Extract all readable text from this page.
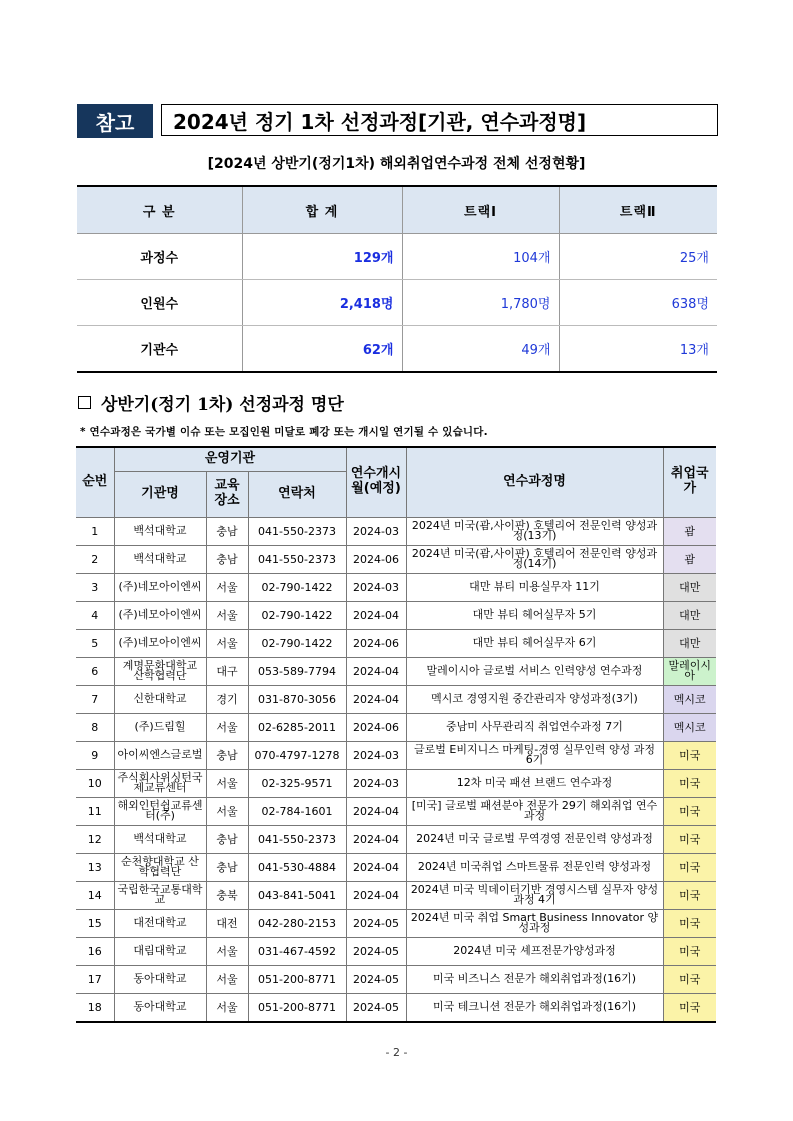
참고	2024년 정기 1차 선정과정[기관, 연수과정명]
[2024년 상반기(정기1차) 해외취업연수과정 전체 선정현황]
구 분	합 계	트랙Ⅰ	트랙Ⅱ
과정수	129개	104개	25개
인원수	2,418명	1,780명	638명
기관수	62개	49개	13개
상반기(정기 1차) 선정과정 명단
* 연수과정은 국가별 이슈 또는 모집인원 미달로 폐강 또는 개시일 연기될 수 있습니다.
순번	운영기관			연수개시월(예정)	연수과정명	취업국가
	기관명	교육장소	연락처			
1	백석대학교	충남	041-550-2373	2024-03	2024년 미국(괌,사이판) 호텔리어 전문인력 양성과정(13기)	괌
2	백석대학교	충남	041-550-2373	2024-06	2024년 미국(괌,사이판) 호텔리어 전문인력 양성과정(14기)	괌
3	(주)네모아이엔씨	서울	02-790-1422	2024-03	대만 뷰티 미용실무자 11기	대만
4	(주)네모아이엔씨	서울	02-790-1422	2024-04	대만 뷰티 헤어실무자 5기	대만
5	(주)네모아이엔씨	서울	02-790-1422	2024-06	대만 뷰티 헤어실무자 6기	대만
6	계명문화대학교 산학협력단	대구	053-589-7794	2024-04	말레이시아 글로벌 서비스 인력양성 연수과정	말레이시아
7	신한대학교	경기	031-870-3056	2024-04	멕시코 경영지원 중간관리자 양성과정(3기)	멕시코
8	(주)드림힐	서울	02-6285-2011	2024-06	중남미 사무관리직 취업연수과정 7기	멕시코
9	아이씨엔스글로벌	충남	070-4797-1278	2024-03	글로벌 E비지니스 마케팅-경영 실무인력 양성 과정 6기	미국
10	주식회사위싱턴국제교류센터	서울	02-325-9571	2024-03	12차 미국 패션 브랜드 연수과정	미국
11	해외인턴쉽교류센터(주)	서울	02-784-1601	2024-04	[미국] 글로벌 패션분야 전문가 29기 해외취업 연수과정	미국
12	백석대학교	충남	041-550-2373	2024-04	2024년 미국 글로벌 무역경영 전문인력 양성과정	미국
13	순천향대학교 산학협력단	충남	041-530-4884	2024-04	2024년 미국취업 스마트물류 전문인력 양성과정	미국
14	국립한국교통대학교	충북	043-841-5041	2024-04	2024년 미국 빅데이터기반 경영시스템 실무자 양성과정 4기	미국
15	대전대학교	대전	042-280-2153	2024-05	2024년 미국 취업 Smart Business Innovator 양성과정	미국
16	대림대학교	서울	031-467-4592	2024-05	2024년 미국 셰프전문가양성과정	미국
17	동아대학교	서울	051-200-8771	2024-05	미국 비즈니스 전문가 해외취업과정(16기)	미국
18	동아대학교	서울	051-200-8771	2024-05	미국 테크니션 전문가 해외취업과정(16기)	미국
- 2 -
